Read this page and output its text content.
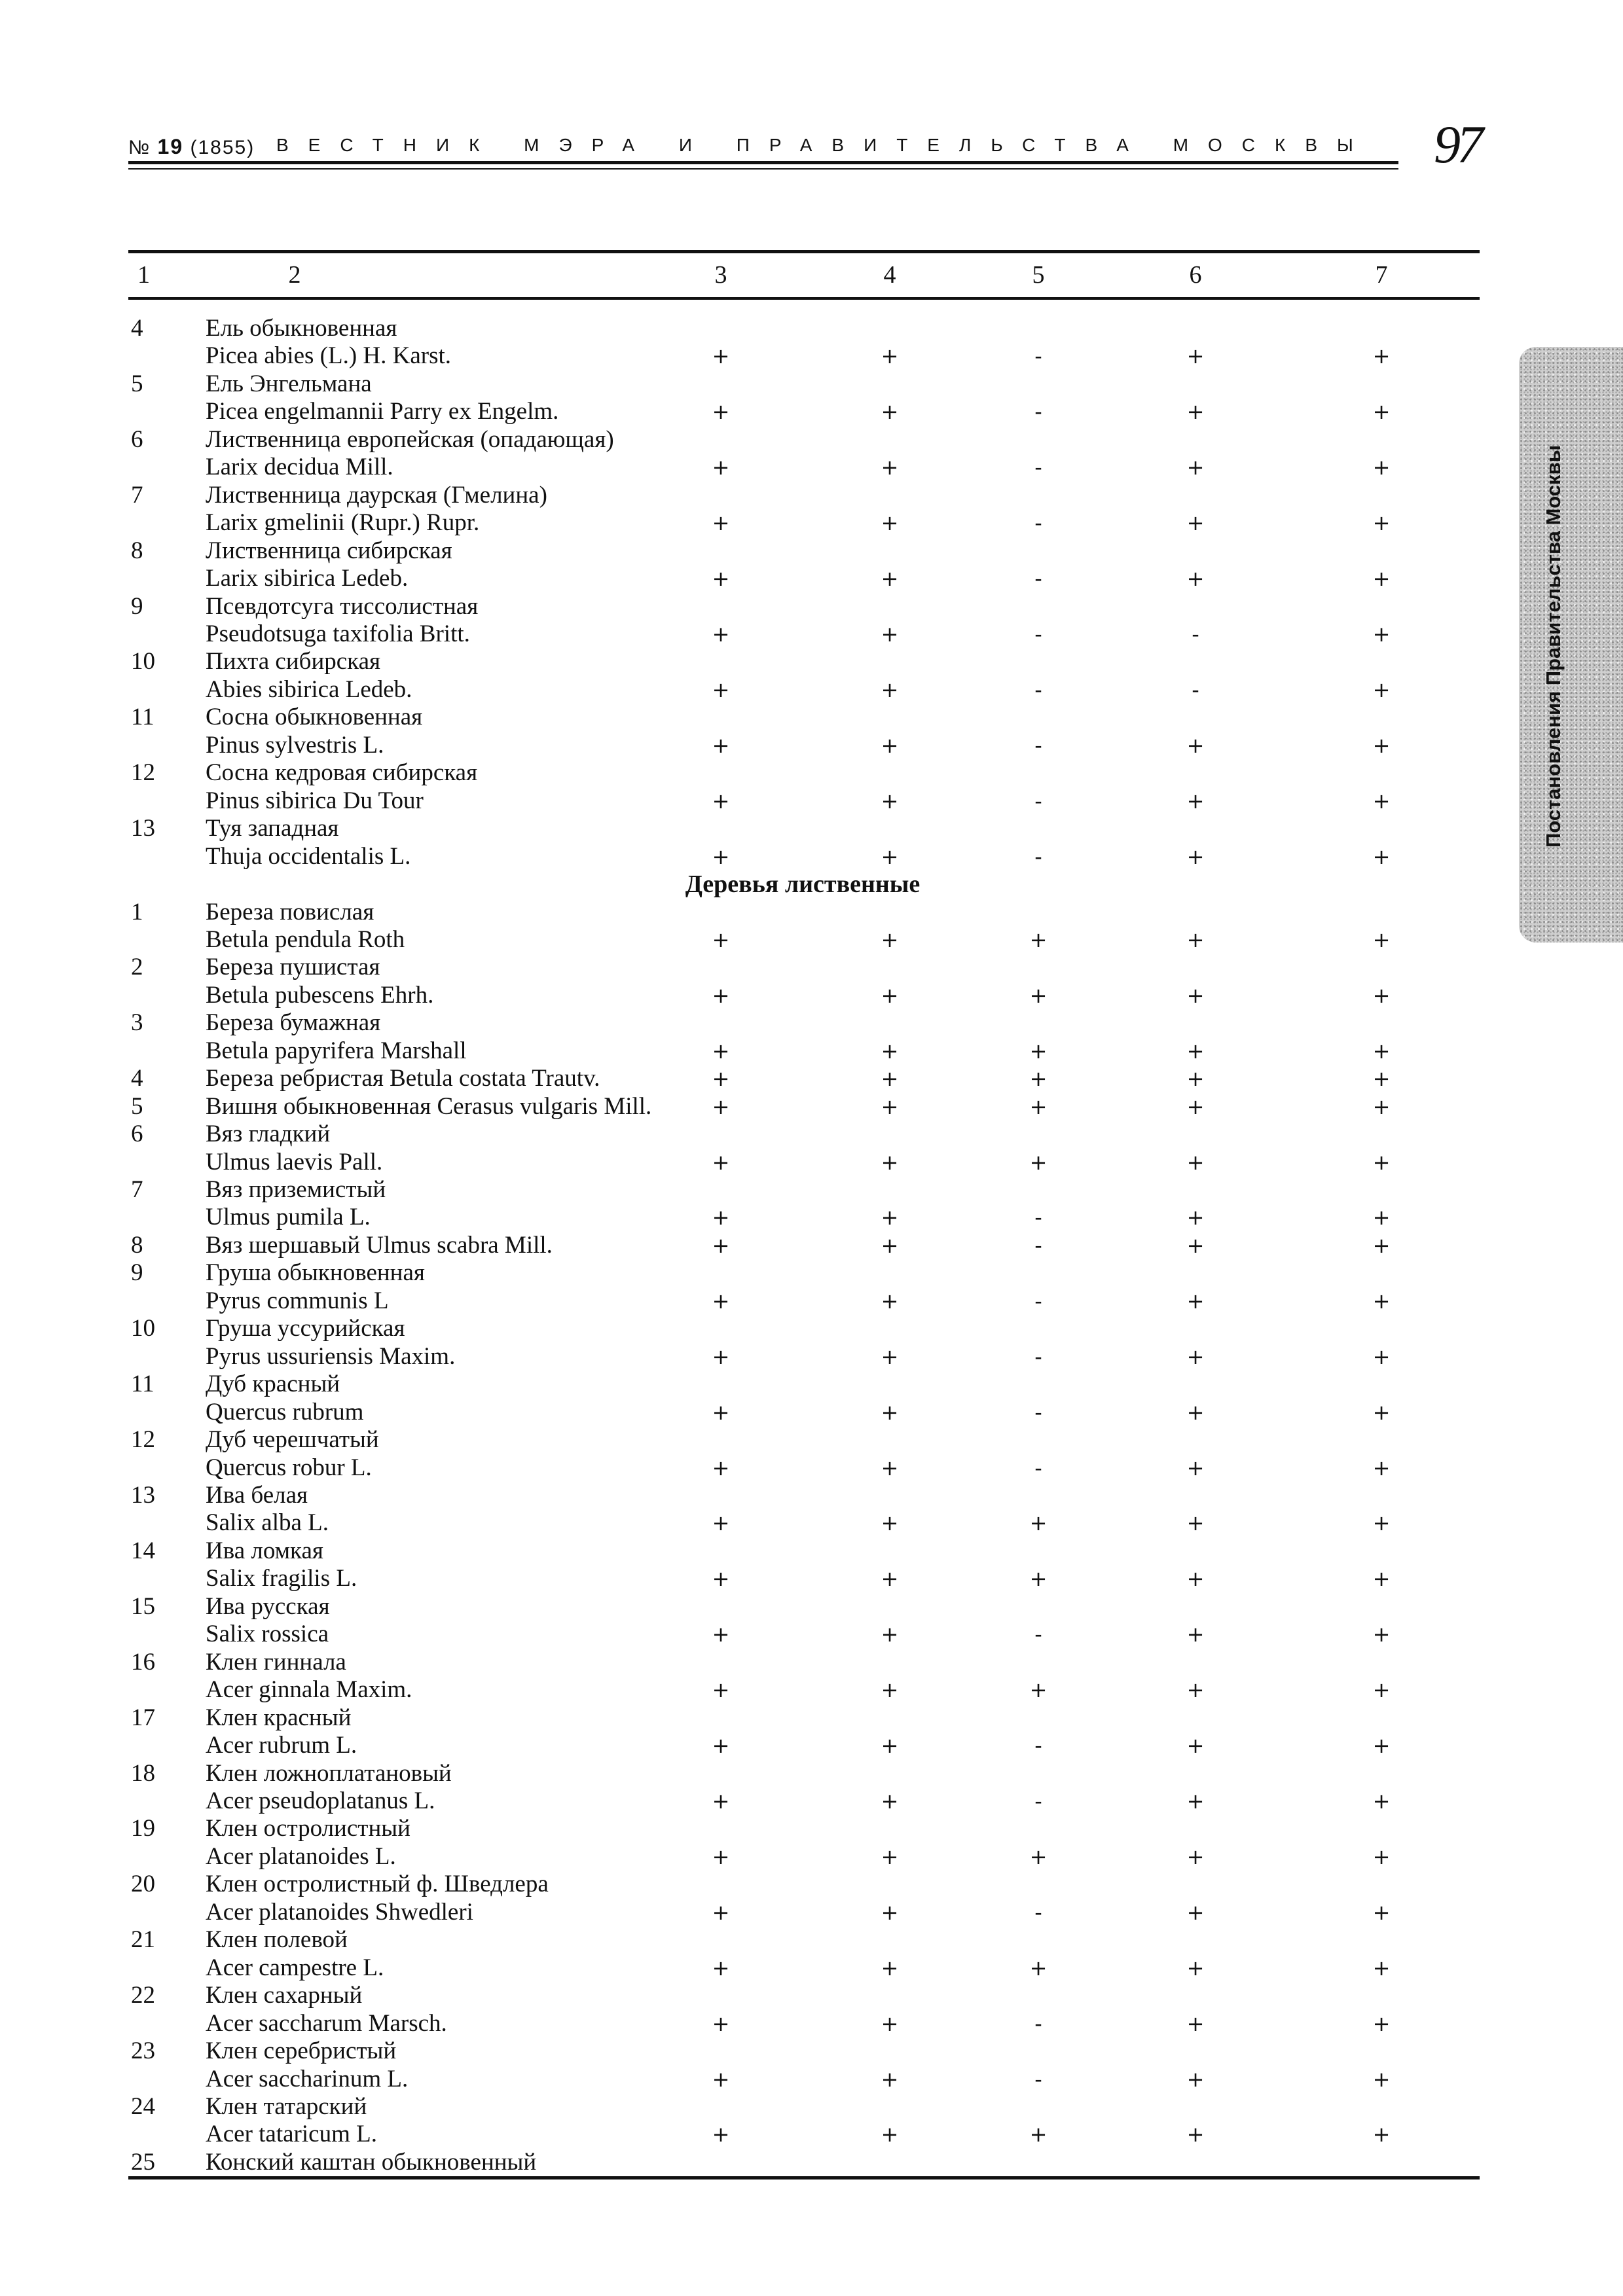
№ 19 (1855) ВЕСТНИК МЭРА И ПРАВИТЕЛЬСТВА МОСКВЫ 97
Постановления Правительства Москвы
1	2	3	4	5	6	7
4	Ель обыкновенная
Picea abies (L.) H. Karst.	+	+	-	+	+
5	Ель Энгельмана
Picea engelmannii Parry ex Engelm.	+	+	-	+	+
6	Лиственница европейская (опадающая)
Larix decidua Mill.	+	+	-	+	+
7	Лиственница даурская (Гмелина)
Larix gmelinii (Rupr.) Rupr.	+	+	-	+	+
8	Лиственница сибирская
Larix sibirica Ledeb.	+	+	-	+	+
9	Псевдотсуга тиссолистная
Pseudotsuga taxifolia Britt.	+	+	-	-	+
10 Пихта сибирская
Abies sibirica Ledeb.	+	+	-	-	+
11 Сосна обыкновенная
Pinus sylvestris L.	+	+	-	+	+
12 Сосна кедровая сибирская
Pinus sibirica Du Tour	+	+	-	+	+
13 Туя западная
Thuja occidentalis L.	+	+	-	+	+
Деревья лиственные
1	Береза повислая
Betula pendula Roth	+	+	+	+	+
2	Береза пушистая
Betula pubescens Ehrh.	+	+	+	+	+
3	Береза бумажная
Betula papyrifera Marshall	+	+	+	+	+
4	Береза ребристая Betula costata Trautv.	+	+	+	+	+
5	Вишня обыкновенная Cerasus vulgaris Mill.	+	+	+	+	+
6	Вяз гладкий
Ulmus laevis Pall.	+	+	+	+	+
7	Вяз приземистый
Ulmus pumila L.	+	+	-	+	+
8	Вяз шершавый Ulmus scabra Mill.	+	+	-	+	+
9	Груша обыкновенная
Pyrus communis L	+	+	-	+	+
10 Груша уссурийская
Pyrus ussuriensis Maxim.	+	+	-	+	+
11 Дуб красный
Quercus rubrum	+	+	-	+	+
12 Дуб черешчатый
Quercus robur L.	+	+	-	+	+
13 Ива белая
Salix alba L.	+	+	+	+	+
14 Ива ломкая
Salix fragilis L.	+	+	+	+	+
15 Ива русская
Salix rossica	+	+	-	+	+
16 Клен гиннала
Acer ginnala Maxim.	+	+	+	+	+
17 Клен красный
Acer rubrum L.	+	+	-	+	+
18 Клен ложноплатановый
Acer pseudoplatanus L.	+	+	-	+	+
19 Клен остролистный
Acer platanoides L.	+	+	+	+	+
20 Клен остролистный ф. Шведлера
Acer platanoides Shwedleri	+	+	-	+	+
21 Клен полевой
Acer campestre L.	+	+	+	+	+
22 Клен сахарный
Acer saccharum Marsch.	+	+	-	+	+
23 Клен серебристый
Acer saccharinum L.	+	+	-	+	+
24 Клен татарский
Acer tataricum L.	+	+	+	+	+
25 Конский каштан обыкновенный
